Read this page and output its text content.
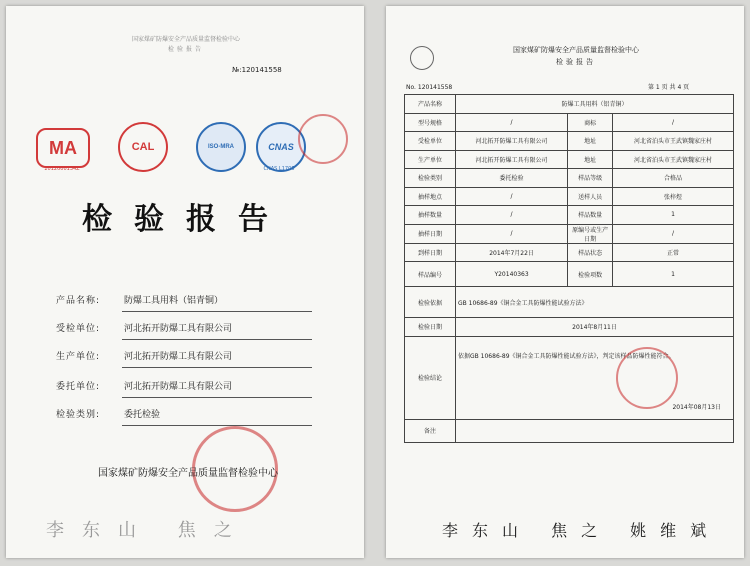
国家煤矿防爆安全产品质量监督检验中心
检验报告
№:120141558
MA
2012000134Z
CAL	ISO-MRA	CNAS
CNAS L1706
检验报告
产品名称:	防爆工具用料（铝青铜）
受检单位:	河北拓开防爆工具有限公司
生产单位:	河北拓开防爆工具有限公司
委托单位:	河北拓开防爆工具有限公司
检验类别:	委托检验
国家煤矿防爆安全产品质量监督检验中心
李东山 焦之
国家煤矿防爆安全产品质量监督检验中心
检验报告
No. 120141558	第 1 页 共 4 页
产品名称	防爆工具用料（铝青铜）		
型号规格	/	商标	/
受检单位	河北拓开防爆工具有限公司	地址	河北省泊头市王武镇魏家庄村
生产单位	河北拓开防爆工具有限公司	地址	河北省泊头市王武镇魏家庄村
检验类别	委托检验	样品等级	合格品
抽样地点	/	送样人员	张梓煜
抽样数量	/	样品数量	1
抽样日期	/	原编号或生产日期	/
到样日期	2014年7月22日	样品状态	正常
样品编号	Y20140363	检验项数	1
检验依据	GB 10686-89《铜合金工具防爆性能试验方法》		
检验日期	2014年8月11日		
检验结论	依据GB 10686-89《铜合金工具防爆性能试验方法》，判定该样品防爆性能符合。
2014年08月13日		

备注			
李东山 焦之 姚维斌
